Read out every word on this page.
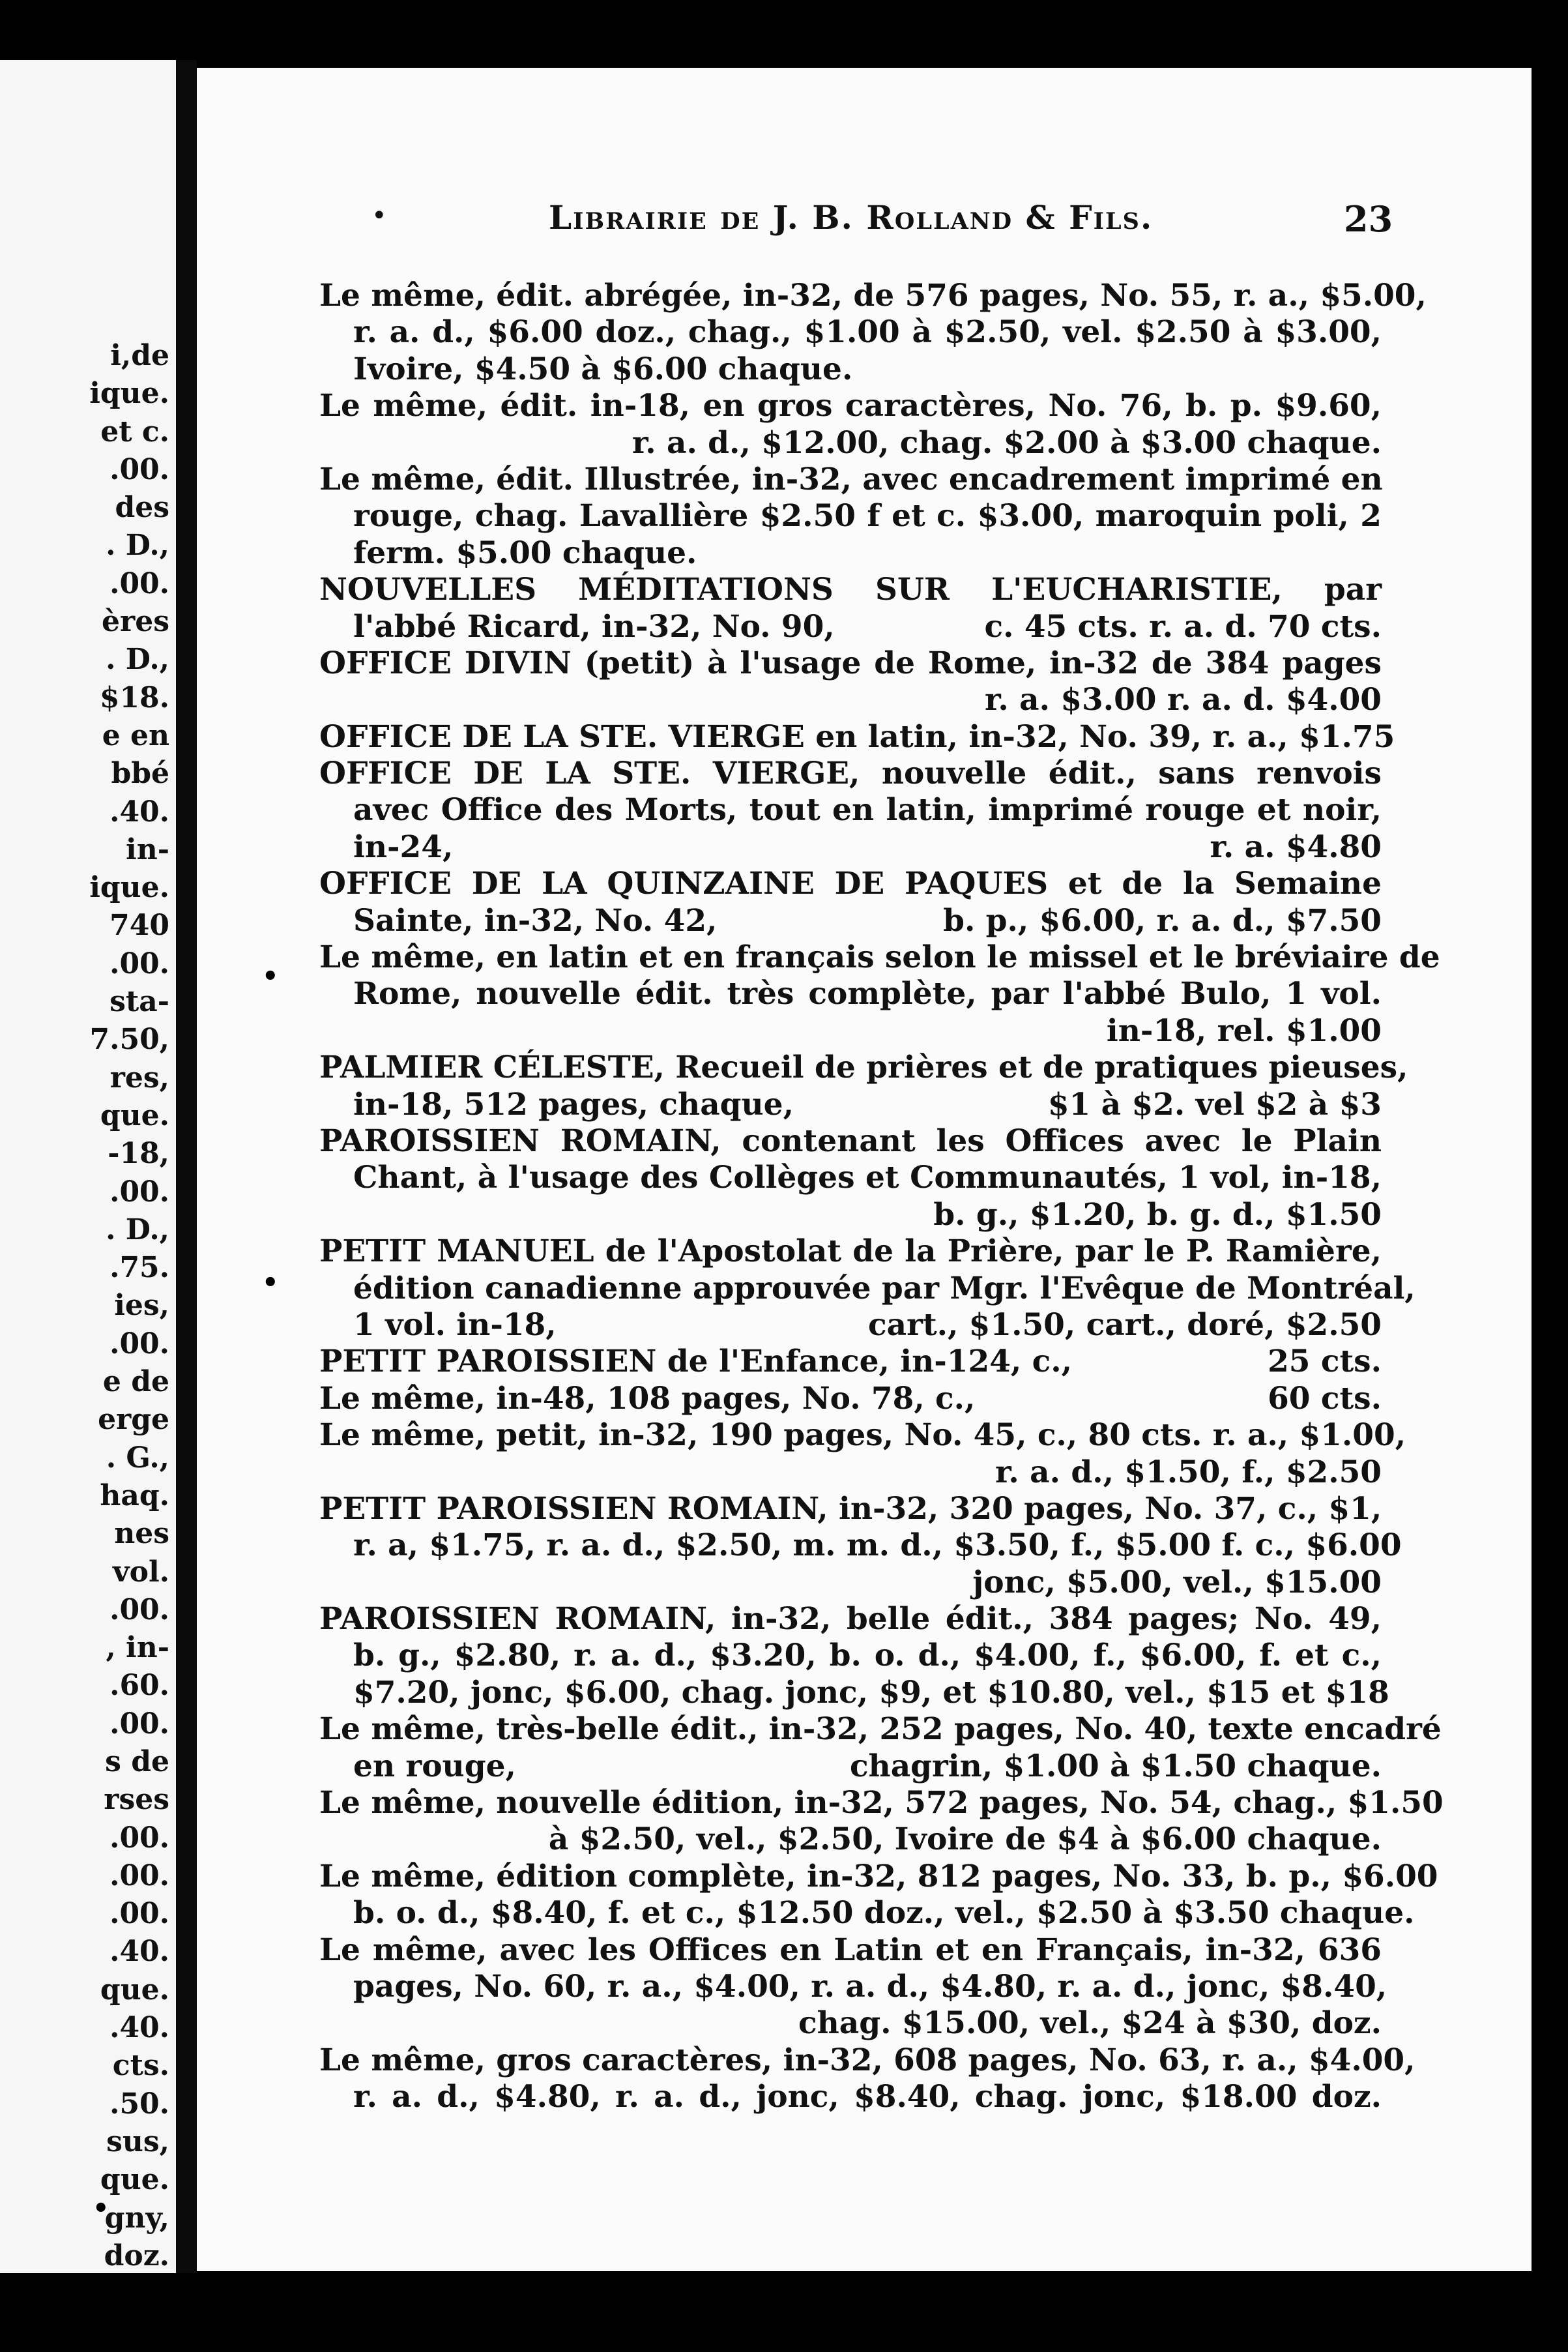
i,de
ique.
et c.
.00.
des
. D.,
.00.
ères
. D.,
$18.
e en
bbé
.40.
in-
ique.
740
.00.
sta-
7.50,
res,
que.
-18,
.00.
. D.,
.75.
ies,
.00.
e de
erge
. G.,
haq.
nes
vol.
.00.
, in-
.60.
.00.
s de
rses
.00.
.00.
.00.
.40.
que.
.40.
cts.
.50.
sus,
que.
gny,
doz.
•	Librairie de J. B. Rolland & Fils.	23
Le même, édit. abrégée, in-32, de 576 pages, No. 55, r. a., $5.00,
r. a. d., $6.00 doz., chag., $1.00 à $2.50, vel. $2.50 à $3.00,
Ivoire, $4.50 à $6.00 chaque.
Le même, édit. in-18, en gros caractères, No. 76, b. p. $9.60,
r. a. d., $12.00, chag. $2.00 à $3.00 chaque.
Le même, édit. Illustrée, in-32, avec encadrement imprimé en
rouge, chag. Lavallière $2.50 f et c. $3.00, maroquin poli, 2
ferm. $5.00 chaque.
NOUVELLES MÉDITATIONS SUR L'EUCHARISTIE, par
l'abbé Ricard, in-32, No. 90,	c. 45 cts. r. a. d. 70 cts.
OFFICE DIVIN (petit) à l'usage de Rome, in-32 de 384 pages
r. a. $3.00 r. a. d. $4.00
OFFICE DE LA STE. VIERGE en latin, in-32, No. 39, r. a., $1.75
OFFICE DE LA STE. VIERGE, nouvelle édit., sans renvois
avec Office des Morts, tout en latin, imprimé rouge et noir,
in-24,	r. a. $4.80
OFFICE DE LA QUINZAINE DE PAQUES et de la Semaine
Sainte, in-32, No. 42,	b. p., $6.00, r. a. d., $7.50
Le même, en latin et en français selon le missel et le bréviaire de
Rome, nouvelle édit. très complète, par l'abbé Bulo, 1 vol.
in-18, rel. $1.00
PALMIER CÉLESTE, Recueil de prières et de pratiques pieuses,
in-18, 512 pages, chaque,	$1 à $2. vel $2 à $3
PAROISSIEN ROMAIN, contenant les Offices avec le Plain
Chant, à l'usage des Collèges et Communautés, 1 vol, in-18,
b. g., $1.20, b. g. d., $1.50
PETIT MANUEL de l'Apostolat de la Prière, par le P. Ramière,
édition canadienne approuvée par Mgr. l'Evêque de Montréal,
1 vol. in-18,	cart., $1.50, cart., doré, $2.50
PETIT PAROISSIEN de l'Enfance, in-124, c.,	25 cts.
Le même, in-48, 108 pages, No. 78, c.,	60 cts.
Le même, petit, in-32, 190 pages, No. 45, c., 80 cts. r. a., $1.00,
r. a. d., $1.50, f., $2.50
PETIT PAROISSIEN ROMAIN, in-32, 320 pages, No. 37, c., $1,
r. a, $1.75, r. a. d., $2.50, m. m. d., $3.50, f., $5.00 f. c., $6.00
jonc, $5.00, vel., $15.00
PAROISSIEN ROMAIN, in-32, belle édit., 384 pages; No. 49,
b. g., $2.80, r. a. d., $3.20, b. o. d., $4.00, f., $6.00, f. et c.,
$7.20, jonc, $6.00, chag. jonc, $9, et $10.80, vel., $15 et $18
Le même, très-belle édit., in-32, 252 pages, No. 40, texte encadré
en rouge,	chagrin, $1.00 à $1.50 chaque.
Le même, nouvelle édition, in-32, 572 pages, No. 54, chag., $1.50
à $2.50, vel., $2.50, Ivoire de $4 à $6.00 chaque.
Le même, édition complète, in-32, 812 pages, No. 33, b. p., $6.00
b. o. d., $8.40, f. et c., $12.50 doz., vel., $2.50 à $3.50 chaque.
Le même, avec les Offices en Latin et en Français, in-32, 636
pages, No. 60, r. a., $4.00, r. a. d., $4.80, r. a. d., jonc, $8.40,
chag. $15.00, vel., $24 à $30, doz.
Le même, gros caractères, in-32, 608 pages, No. 63, r. a., $4.00,
r. a. d., $4.80, r. a. d., jonc, $8.40, chag. jonc, $18.00 doz.
•
•
•
